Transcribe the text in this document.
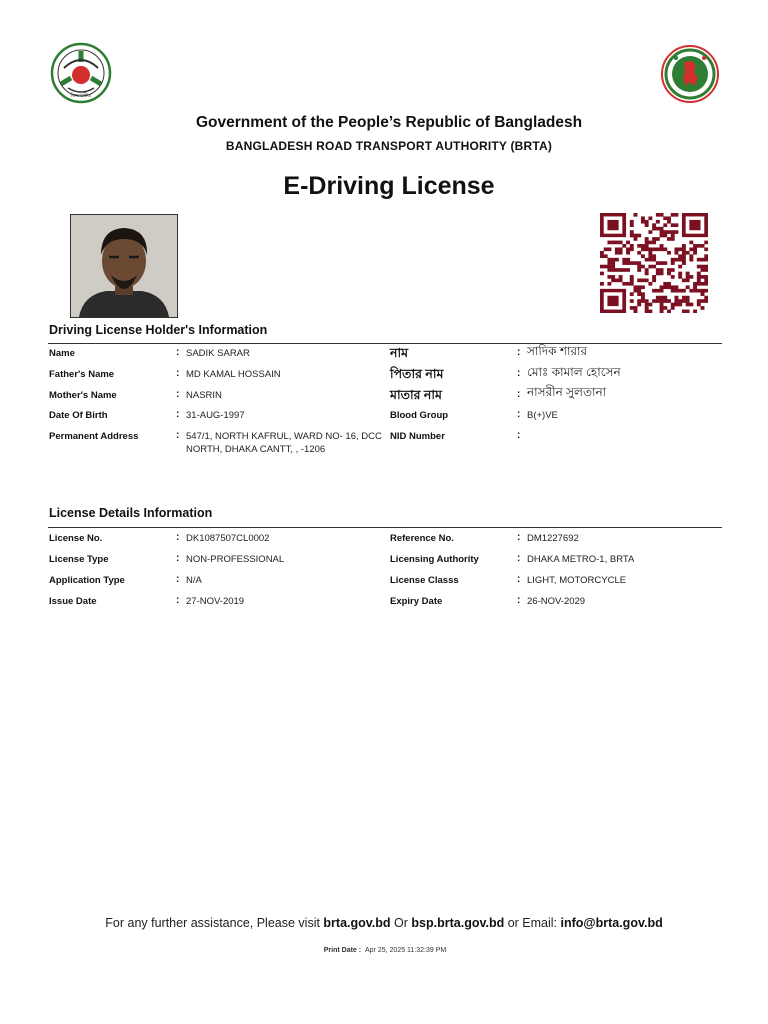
বিআরটিএ
Government of the People’s Republic of Bangladesh
BANGLADESH ROAD TRANSPORT AUTHORITY (BRTA)
E-Driving License
Driving License Holder's Information
Name	: SADIK SARAR	নাম	: সাদিক শারার
Father's Name	: MD KAMAL HOSSAIN	পিতার নাম	: মোঃ কামাল হোসেন
Mother's Name	: NASRIN	মাতার নাম	: নাসরীন সুলতানা
Date Of Birth	: 31-AUG-1997	Blood Group	: B(+)VE
Permanent Address	: 547/1, NORTH KAFRUL, WARD NO- 16, DCC NORTH, DHAKA CANTT, , -1206
NID Number	:
License Details Information
License No.	: DK1087507CL0002	Reference No.	: DM1227692
License Type	: NON-PROFESSIONAL	Licensing Authority	: DHAKA METRO-1, BRTA
Application Type	: N/A	License Classs	: LIGHT, MOTORCYCLE
Issue Date	: 27-NOV-2019	Expiry Date	: 26-NOV-2029
For any further assistance, Please visit brta.gov.bd Or bsp.brta.gov.bd or Email: info@brta.gov.bd
Print Date : Apr 25, 2025 11:32:39 PM
